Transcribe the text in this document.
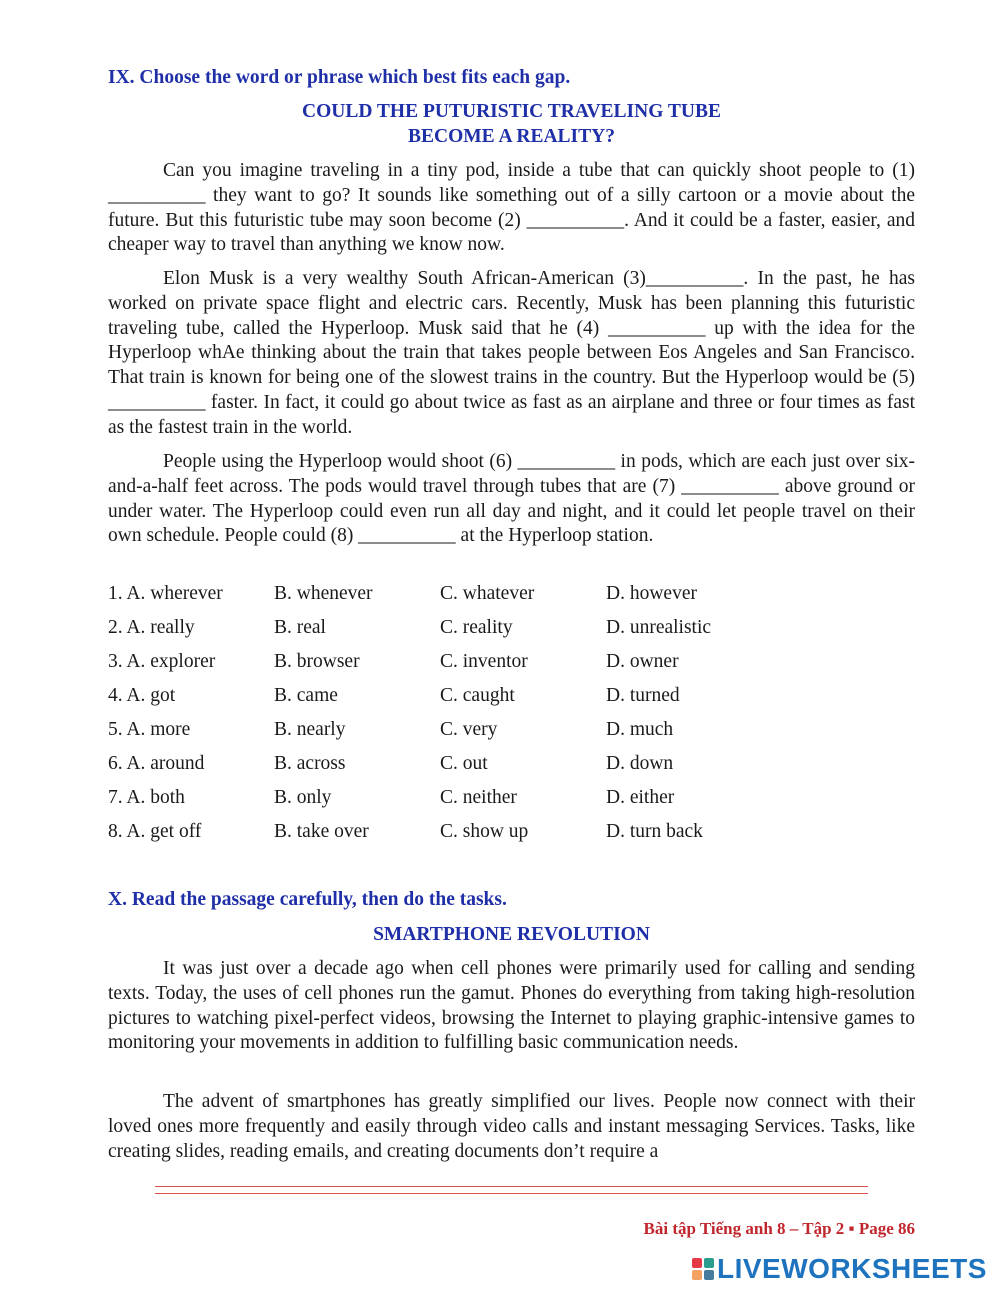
IX. Choose the word or phrase which best fits each gap.
COULD THE PUTURISTIC TRAVELING TUBE
BECOME A REALITY?

Can you imagine traveling in a tiny pod, inside a tube that can quickly shoot people to (1) __________ they want to go? It sounds like something out of a silly cartoon or a movie about the future. But this futuristic tube may soon become (2) __________. And it could be a faster, easier, and cheaper way to travel than anything we know now.

Elon Musk is a very wealthy South African-American (3)__________. In the past, he has worked on private space flight and electric cars. Recently, Musk has been planning this futuristic traveling tube, called the Hyperloop. Musk said that he (4) __________ up with the idea for the Hyperloop whAe thinking about the train that takes people between Eos Angeles and San Francisco. That train is known for being one of the slowest trains in the country. But the Hyperloop would be (5) __________ faster. In fact, it could go about twice as fast as an airplane and three or four times as fast as the fastest train in the world.

People using the Hyperloop would shoot (6) __________ in pods, which are each just over six-and-a-half feet across. The pods would travel through tubes that are (7) __________ above ground or under water. The Hyperloop could even run all day and night, and it could let people travel on their own schedule. People could (8) __________ at the Hyperloop station.

1. A. wherever	B. whenever	C. whatever	D. however
2. A. really	B. real	C. reality	D. unrealistic
3. A. explorer	B. browser	C. inventor	D. owner
4. A. got	B. came	C. caught	D. turned
5. A. more	B. nearly	C. very	D. much
6. A. around	B. across	C. out	D. down
7. A. both	B. only	C. neither	D. either
8. A. get off	B. take over	C. show up	D. turn back
X. Read the passage carefully, then do the tasks.
SMARTPHONE REVOLUTION

It was just over a decade ago when cell phones were primarily used for calling and sending texts. Today, the uses of cell phones run the gamut. Phones do everything from taking high-resolution pictures to watching pixel-perfect videos, browsing the Internet to playing graphic-intensive games to monitoring your movements in addition to fulfilling basic communication needs.

The advent of smartphones has greatly simplified our lives. People now connect with their loved ones more frequently and easily through video calls and instant messaging Services. Tasks, like creating slides, reading emails, and creating documents don’t require a

Bài tập Tiếng anh 8 – Tập 2 ▪ Page 86
LIVEWORKSHEETS
